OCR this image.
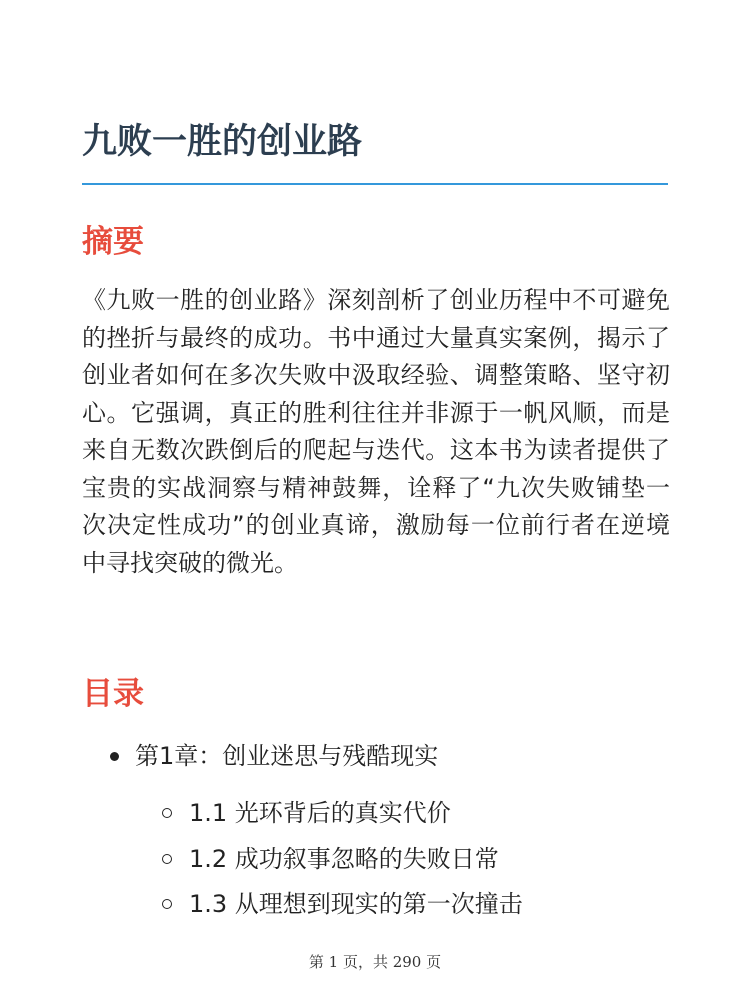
九败一胜的创业路
摘要

《九败一胜的创业路》深刻剖析了创业历程中不可避免的挫折与最终的成功。书中通过大量真实案例，揭示了创业者如何在多次失败中汲取经验、调整策略、坚守初心。它强调，真正的胜利往往并非源于一帆风顺，而是来自无数次跌倒后的爬起与迭代。这本书为读者提供了宝贵的实战洞察与精神鼓舞，诠释了“九次失败铺垫一次决定性成功”的创业真谛，激励每一位前行者在逆境中寻找突破的微光。

目录
第1章：创业迷思与残酷现实
1.1 光环背后的真实代价
1.2 成功叙事忽略的失败日常
1.3 从理想到现实的第一次撞击
第 1 页，共 290 页
